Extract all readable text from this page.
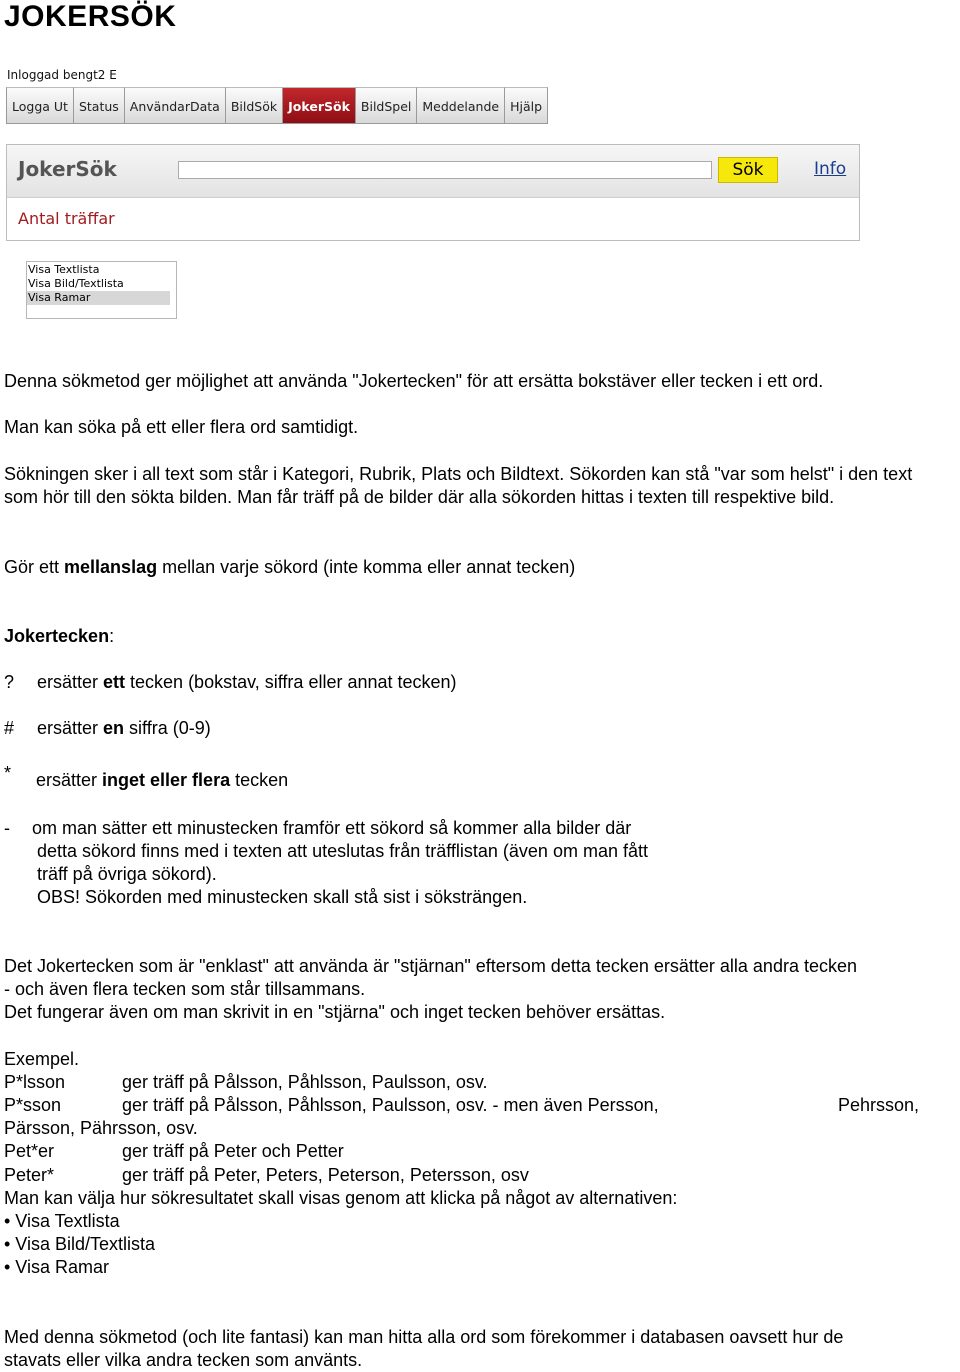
JOKERSÖK
Inloggad bengt2 E
Logga Ut Status AnvändarData BildSök JokerSök BildSpel Meddelande Hjälp
JokerSök	Sök	Info
Antal träffar
Visa Textlista
Visa Bild/Textlista
Visa Ramar
Denna sökmetod ger möjlighet att använda "Jokertecken" för att ersätta bokstäver eller tecken i ett ord.
Man kan söka på ett eller flera ord samtidigt.
Sökningen sker i all text som står i Kategori, Rubrik, Plats och Bildtext. Sökorden kan stå "var som helst" i den text som hör till den sökta bilden. Man får träff på de bilder där alla sökorden hittas i texten till respektive bild.
Gör ett mellanslag mellan varje sökord (inte komma eller annat tecken)
Jokertecken:
?	ersätter ett tecken (bokstav, siffra eller annat tecken)
#	ersätter en siffra (0-9)
*	ersätter inget eller flera tecken
-	om man sätter ett minustecken framför ett sökord så kommer alla bilder där
detta sökord finns med i texten att uteslutas från träfflistan (även om man fått
träff på övriga sökord).
OBS! Sökorden med minustecken skall stå sist i söksträngen.
Det Jokertecken som är "enklast" att använda är "stjärnan" eftersom detta tecken ersätter alla andra tecken
- och även flera tecken som står tillsammans.
Det fungerar även om man skrivit in en "stjärna" och inget tecken behöver ersättas.
Exempel.
P*lsson	ger träff på Pålsson, Påhlsson, Paulsson, osv.
P*sson	ger träff på Pålsson, Påhlsson, Paulsson, osv. - men även Persson,	Pehrsson,
Pärsson, Pährsson, osv.
Pet*er	ger träff på Peter och Petter
Peter*	ger träff på Peter, Peters, Peterson, Petersson, osv
Man kan välja hur sökresultatet skall visas genom att klicka på något av alternativen:
• Visa Textlista
• Visa Bild/Textlista
• Visa Ramar
Med denna sökmetod (och lite fantasi) kan man hitta alla ord som förekommer i databasen oavsett hur de
stavats eller vilka andra tecken som använts.
